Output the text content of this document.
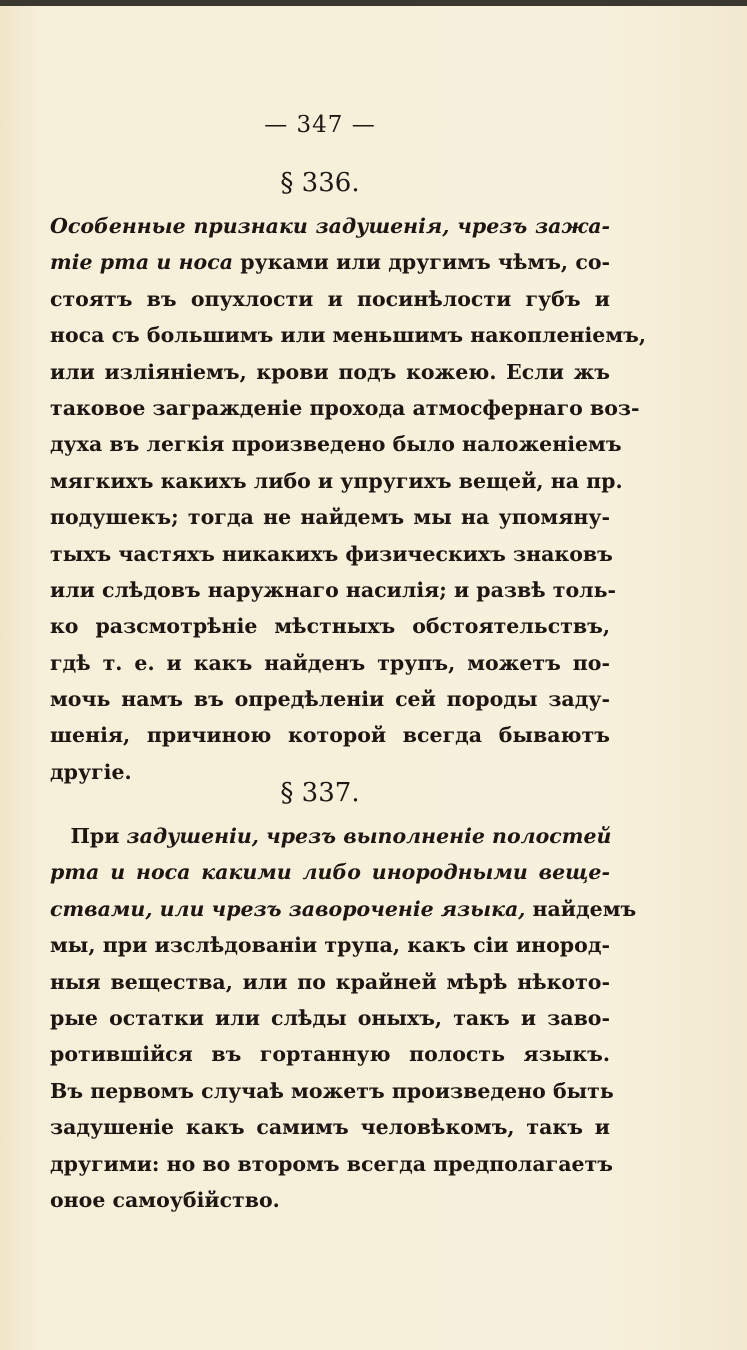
— 347 —
§ 336.
Особенные признаки задушенія, чрезъ зажа-
тіе рта и носа руками или другимъ чѣмъ, со-
стоятъ въ опухлости и посинѣлости губъ и
носа съ большимъ или меньшимъ накопленіемъ,
или изліяніемъ, крови подъ кожею. Если жъ
таковое загражденіе прохода атмосфернаго воз-
духа въ легкія произведено было наложеніемъ
мягкихъ какихъ либо и упругихъ вещей, на пр.
подушекъ; тогда не найдемъ мы на упомяну-
тыхъ частяхъ никакихъ физическихъ знаковъ
или слѣдовъ наружнаго насилія; и развѣ толь-
ко разсмотрѣніе мѣстныхъ обстоятельствъ,
гдѣ т. е. и какъ найденъ трупъ, можетъ по-
мочь намъ въ опредѣленіи сей породы заду-
шенія, причиною которой всегда бываютъ
другіе.
§ 337.
 При задушеніи, чрезъ выполненіе полостей
рта и носа какими либо инородными веще-
ствами, или чрезъ завороченіе языка, найдемъ
мы, при изслѣдованіи трупа, какъ сіи инород-
ныя вещества, или по крайней мѣрѣ нѣкото-
рые остатки или слѣды оныхъ, такъ и заво-
ротившійся въ гортанную полость языкъ.
Въ первомъ случаѣ можетъ произведено быть
задушеніе какъ самимъ человѣкомъ, такъ и
другими: но во второмъ всегда предполагаетъ
оное самоубійство.
